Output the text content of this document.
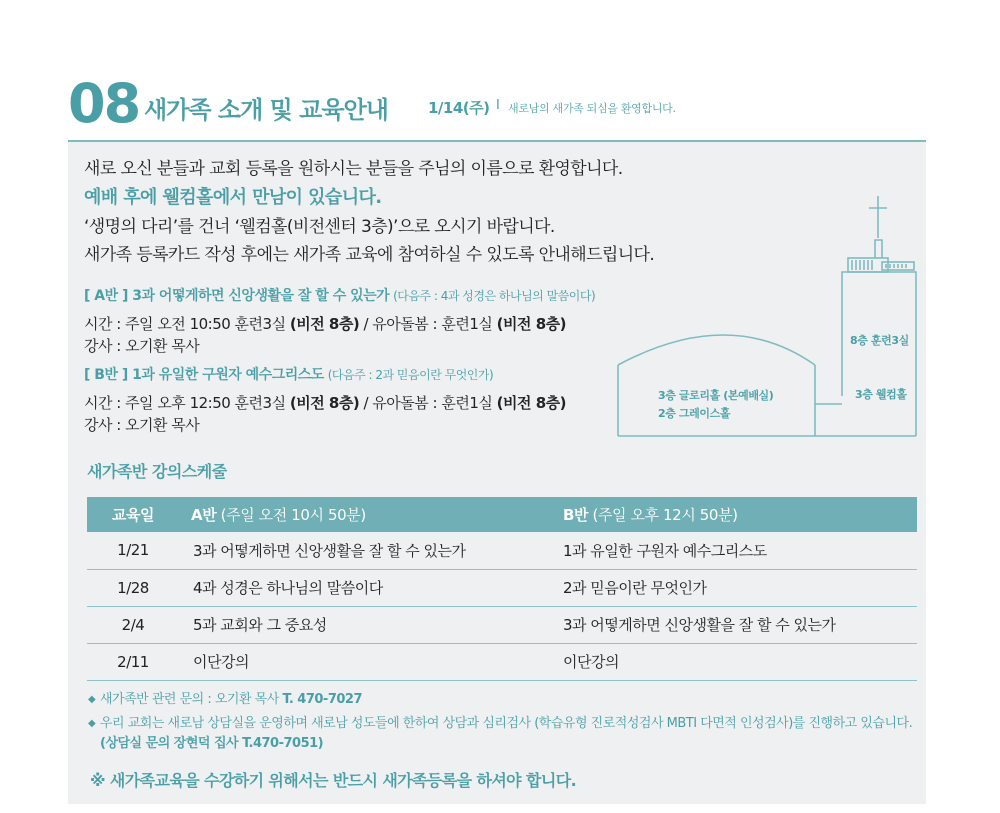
08 새가족 소개 및 교육안내	1/14(주) I 새로남의 새가족 되심을 환영합니다.
새로 오신 분들과 교회 등록을 원하시는 분들을 주님의 이름으로 환영합니다.
예배 후에 웰컴홀에서 만남이 있습니다.
‘생명의 다리’를 건너 ‘웰컴홀(비전센터 3층)’으로 오시기 바랍니다.
새가족 등록카드 작성 후에는 새가족 교육에 참여하실 수 있도록 안내해드립니다.
[ A반 ] 3과 어떻게하면 신앙생활을 잘 할 수 있는가 (다음주 : 4과 성경은 하나님의 말씀이다)
시간 : 주일 오전 10:50 훈련3실 (비전 8층) / 유아돌봄 : 훈련1실 (비전 8층)
강사 : 오기환 목사
[ B반 ] 1과 유일한 구원자 예수그리스도 (다음주 : 2과 믿음이란 무엇인가)
시간 : 주일 오후 12:50 훈련3실 (비전 8층) / 유아돌봄 : 훈련1실 (비전 8층)
강사 : 오기환 목사
8층 훈련3실
3층 웰컴홀
3층 글로리홀 (본예배실)
2층 그레이스홀
새가족반 강의스케줄
교육일	A반 (주일 오전 10시 50분)	B반 (주일 오후 12시 50분)
1/21	3과 어떻게하면 신앙생활을 잘 할 수 있는가	1과 유일한 구원자 예수그리스도
1/28	4과 성경은 하나님의 말씀이다	2과 믿음이란 무엇인가
2/4	5과 교회와 그 중요성	3과 어떻게하면 신앙생활을 잘 할 수 있는가
2/11	이단강의	이단강의
◆ 새가족반 관련 문의 : 오기환 목사 T. 470-7027
◆ 우리 교회는 새로남 상담실을 운영하며 새로남 성도들에 한하여 상담과 심리검사 (학습유형 진로적성검사 MBTI 다면적 인성검사)를 진행하고 있습니다. (상담실 문의 장현덕 집사 T.470-7051)
※ 새가족교육을 수강하기 위해서는 반드시 새가족등록을 하셔야 합니다.
